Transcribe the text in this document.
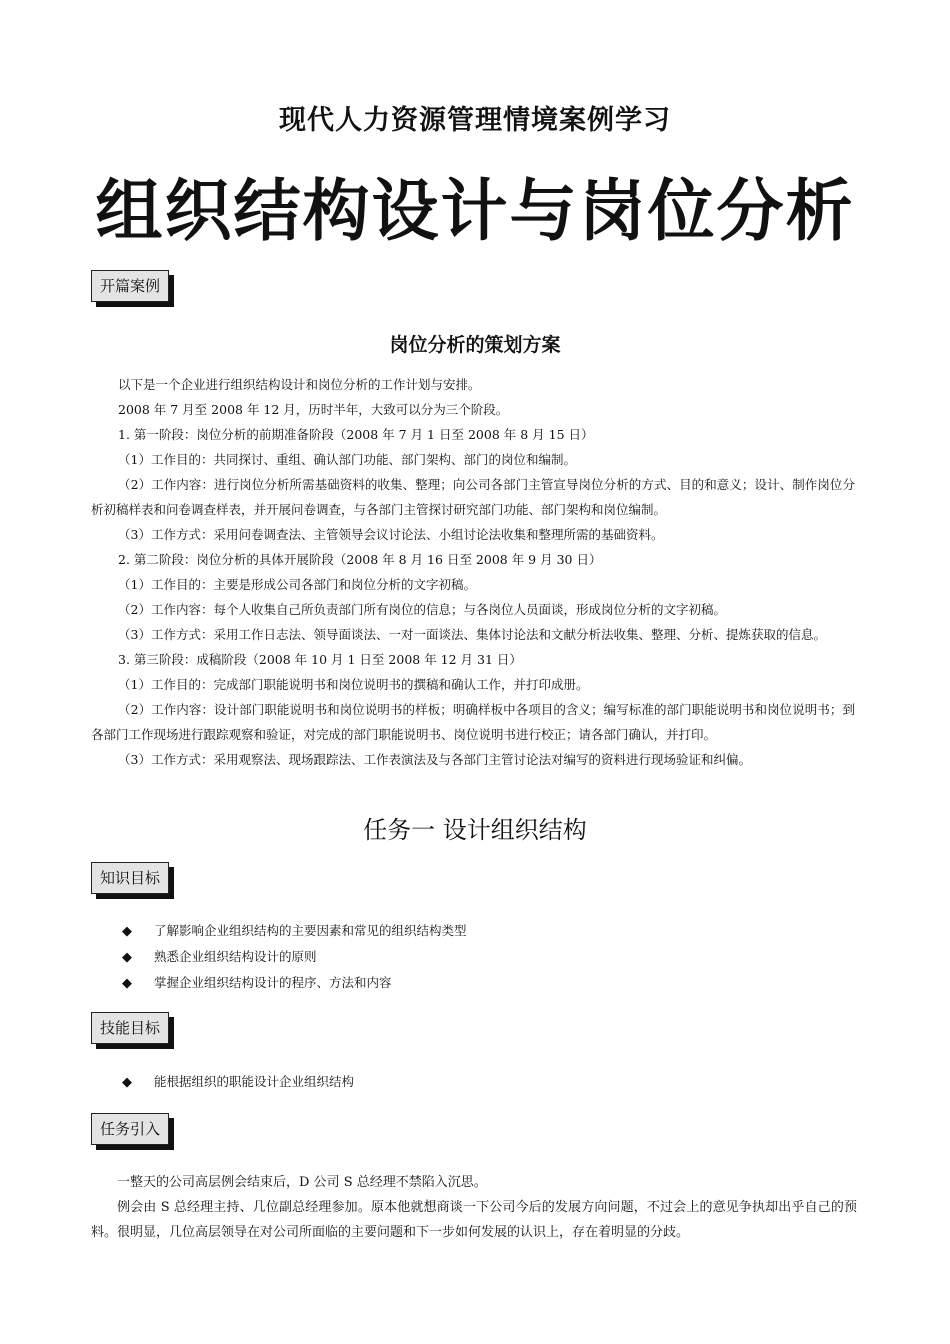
现代人力资源管理情境案例学习
组织结构设计与岗位分析
开篇案例
岗位分析的策划方案

以下是一个企业进行组织结构设计和岗位分析的工作计划与安排。

2008 年 7 月至 2008 年 12 月，历时半年，大致可以分为三个阶段。

1. 第一阶段：岗位分析的前期准备阶段（2008 年 7 月 1 日至 2008 年 8 月 15 日）

（1）工作目的：共同探讨、重组、确认部门功能、部门架构、部门的岗位和编制。

（2）工作内容：进行岗位分析所需基础资料的收集、整理；向公司各部门主管宣导岗位分析的方式、目的和意义；设计、制作岗位分析初稿样表和问卷调查样表，并开展问卷调查，与各部门主管探讨研究部门功能、部门架构和岗位编制。

（3）工作方式：采用问卷调查法、主管领导会议讨论法、小组讨论法收集和整理所需的基础资料。

2. 第二阶段：岗位分析的具体开展阶段（2008 年 8 月 16 日至 2008 年 9 月 30 日）

（1）工作目的：主要是形成公司各部门和岗位分析的文字初稿。

（2）工作内容：每个人收集自己所负责部门所有岗位的信息；与各岗位人员面谈，形成岗位分析的文字初稿。

（3）工作方式：采用工作日志法、领导面谈法、一对一面谈法、集体讨论法和文献分析法收集、整理、分析、提炼获取的信息。

3. 第三阶段：成稿阶段（2008 年 10 月 1 日至 2008 年 12 月 31 日）

（1）工作目的：完成部门职能说明书和岗位说明书的撰稿和确认工作，并打印成册。

（2）工作内容：设计部门职能说明书和岗位说明书的样板；明确样板中各项目的含义；编写标准的部门职能说明书和岗位说明书；到各部门工作现场进行跟踪观察和验证，对完成的部门职能说明书、岗位说明书进行校正；请各部门确认，并打印。

（3）工作方式：采用观察法、现场跟踪法、工作表演法及与各部门主管讨论法对编写的资料进行现场验证和纠偏。

任务一 设计组织结构
知识目标
◆ 了解影响企业组织结构的主要因素和常见的组织结构类型
◆ 熟悉企业组织结构设计的原则
◆ 掌握企业组织结构设计的程序、方法和内容
技能目标
◆ 能根据组织的职能设计企业组织结构
任务引入

一整天的公司高层例会结束后，D 公司 S 总经理不禁陷入沉思。

例会由 S 总经理主持、几位副总经理参加。原本他就想商谈一下公司今后的发展方向问题，不过会上的意见争执却出乎自己的预料。很明显，几位高层领导在对公司所面临的主要问题和下一步如何发展的认识上，存在着明显的分歧。
